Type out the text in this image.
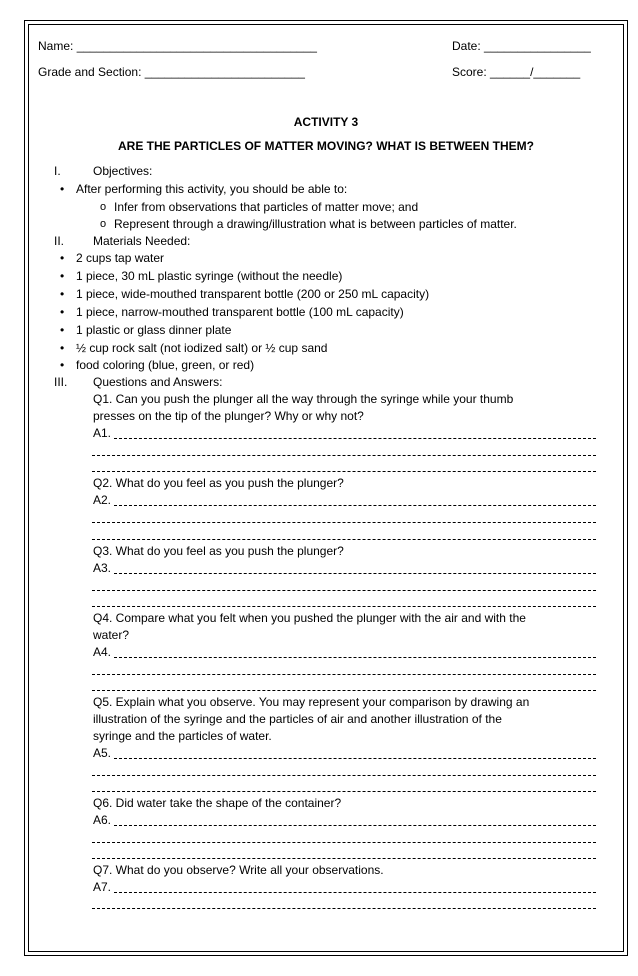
Name: ____________________________________	Date: ________________
Grade and Section: ________________________	Score: ______/_______
ACTIVITY 3
ARE THE PARTICLES OF MATTER MOVING? WHAT IS BETWEEN THEM?
I.	Objectives:
• After performing this activity, you should be able to:
o Infer from observations that particles of matter move; and
o Represent through a drawing/illustration what is between particles of matter.
II. Materials Needed:
• 2 cups tap water
• 1 piece, 30 mL plastic syringe (without the needle)
• 1 piece, wide-mouthed transparent bottle (200 or 250 mL capacity)
• 1 piece, narrow-mouthed transparent bottle (100 mL capacity)
• 1 plastic or glass dinner plate
• ½ cup rock salt (not iodized salt) or ½ cup sand
• food coloring (blue, green, or red)
III. Questions and Answers:
Q1. Can you push the plunger all the way through the syringe while your thumb
presses on the tip of the plunger? Why or why not?
A1.
Q2. What do you feel as you push the plunger?
A2.
Q3. What do you feel as you push the plunger?
A3.
Q4. Compare what you felt when you pushed the plunger with the air and with the
water?
A4.
Q5. Explain what you observe. You may represent your comparison by drawing an
illustration of the syringe and the particles of air and another illustration of the
syringe and the particles of water.
A5.
Q6. Did water take the shape of the container?
A6.
Q7. What do you observe? Write all your observations.
A7.
